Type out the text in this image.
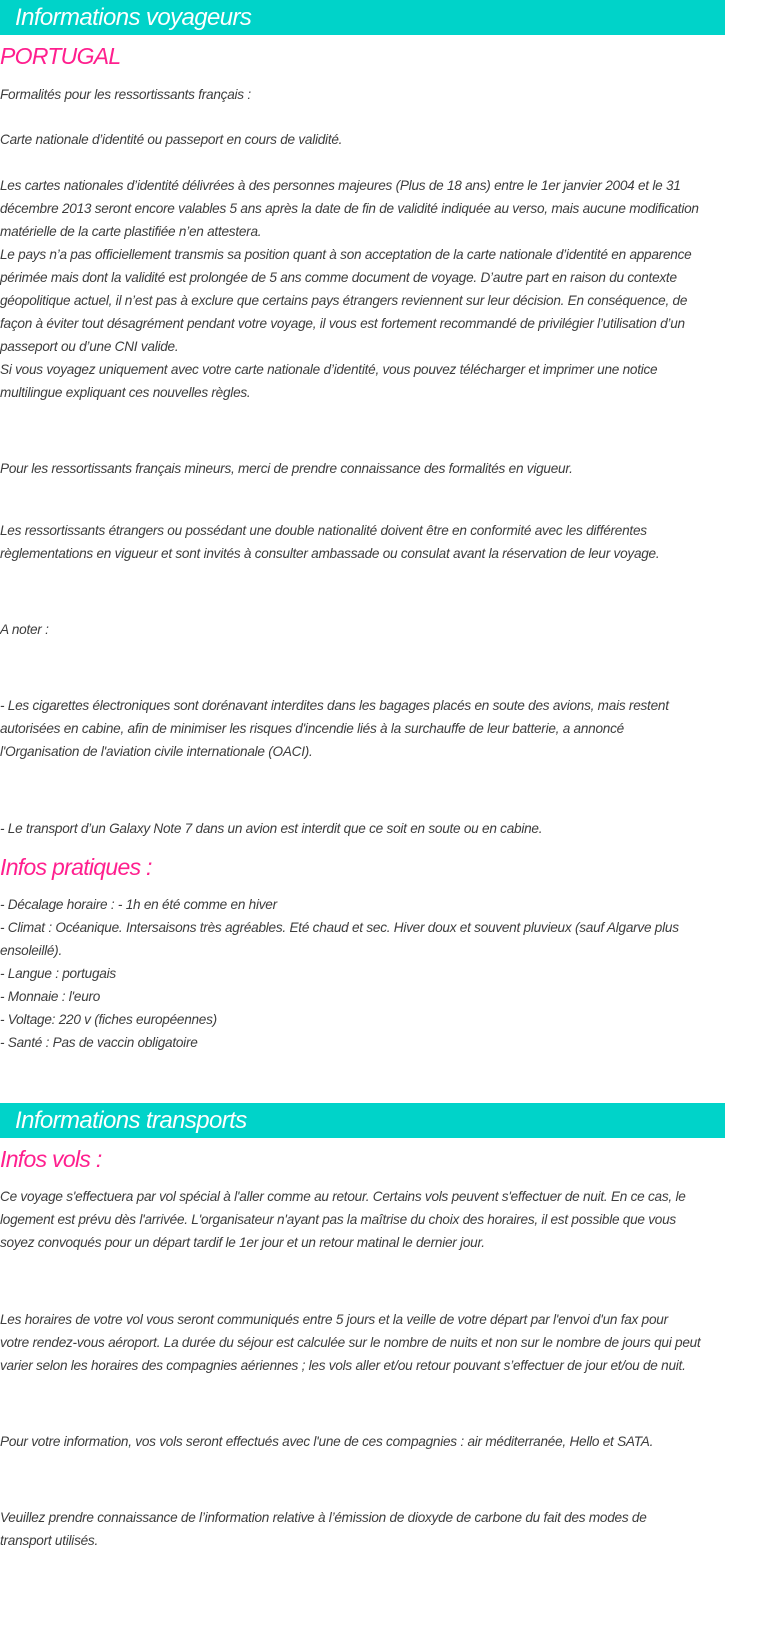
Informations voyageurs
PORTUGAL
Formalités pour les ressortissants français :
Carte nationale d’identité ou passeport en cours de validité.
Les cartes nationales d’identité délivrées à des personnes majeures (Plus de 18 ans) entre le 1er janvier 2004 et le 31
décembre 2013 seront encore valables 5 ans après la date de fin de validité indiquée au verso, mais aucune modification
matérielle de la carte plastifiée n’en attestera.
Le pays n’a pas officiellement transmis sa position quant à son acceptation de la carte nationale d’identité en apparence
périmée mais dont la validité est prolongée de 5 ans comme document de voyage. D’autre part en raison du contexte
géopolitique actuel, il n’est pas à exclure que certains pays étrangers reviennent sur leur décision. En conséquence, de
façon à éviter tout désagrément pendant votre voyage, il vous est fortement recommandé de privilégier l’utilisation d’un
passeport ou d’une CNI valide.
Si vous voyagez uniquement avec votre carte nationale d’identité, vous pouvez télécharger et imprimer une notice
multilingue expliquant ces nouvelles règles.
Pour les ressortissants français mineurs, merci de prendre connaissance des formalités en vigueur.
Les ressortissants étrangers ou possédant une double nationalité doivent être en conformité avec les différentes
règlementations en vigueur et sont invités à consulter ambassade ou consulat avant la réservation de leur voyage.
A noter :
- Les cigarettes électroniques sont dorénavant interdites dans les bagages placés en soute des avions, mais restent
autorisées en cabine, afin de minimiser les risques d'incendie liés à la surchauffe de leur batterie, a annoncé
l'Organisation de l'aviation civile internationale (OACI).
- Le transport d’un Galaxy Note 7 dans un avion est interdit que ce soit en soute ou en cabine.
Infos pratiques :
- Décalage horaire : - 1h en été comme en hiver
- Climat : Océanique. Intersaisons très agréables. Eté chaud et sec. Hiver doux et souvent pluvieux (sauf Algarve plus
ensoleillé).
- Langue : portugais
- Monnaie : l'euro
- Voltage: 220 v (fiches européennes)
- Santé : Pas de vaccin obligatoire
Informations transports
Infos vols :
Ce voyage s'effectuera par vol spécial à l'aller comme au retour. Certains vols peuvent s'effectuer de nuit. En ce cas, le
logement est prévu dès l'arrivée. L'organisateur n'ayant pas la maîtrise du choix des horaires, il est possible que vous
soyez convoqués pour un départ tardif le 1er jour et un retour matinal le dernier jour.
Les horaires de votre vol vous seront communiqués entre 5 jours et la veille de votre départ par l'envoi d'un fax pour
votre rendez-vous aéroport. La durée du séjour est calculée sur le nombre de nuits et non sur le nombre de jours qui peut
varier selon les horaires des compagnies aériennes ; les vols aller et/ou retour pouvant s’effectuer de jour et/ou de nuit.
Pour votre information, vos vols seront effectués avec l'une de ces compagnies : air méditerranée, Hello et SATA.
Veuillez prendre connaissance de l’information relative à l’émission de dioxyde de carbone du fait des modes de
transport utilisés.
